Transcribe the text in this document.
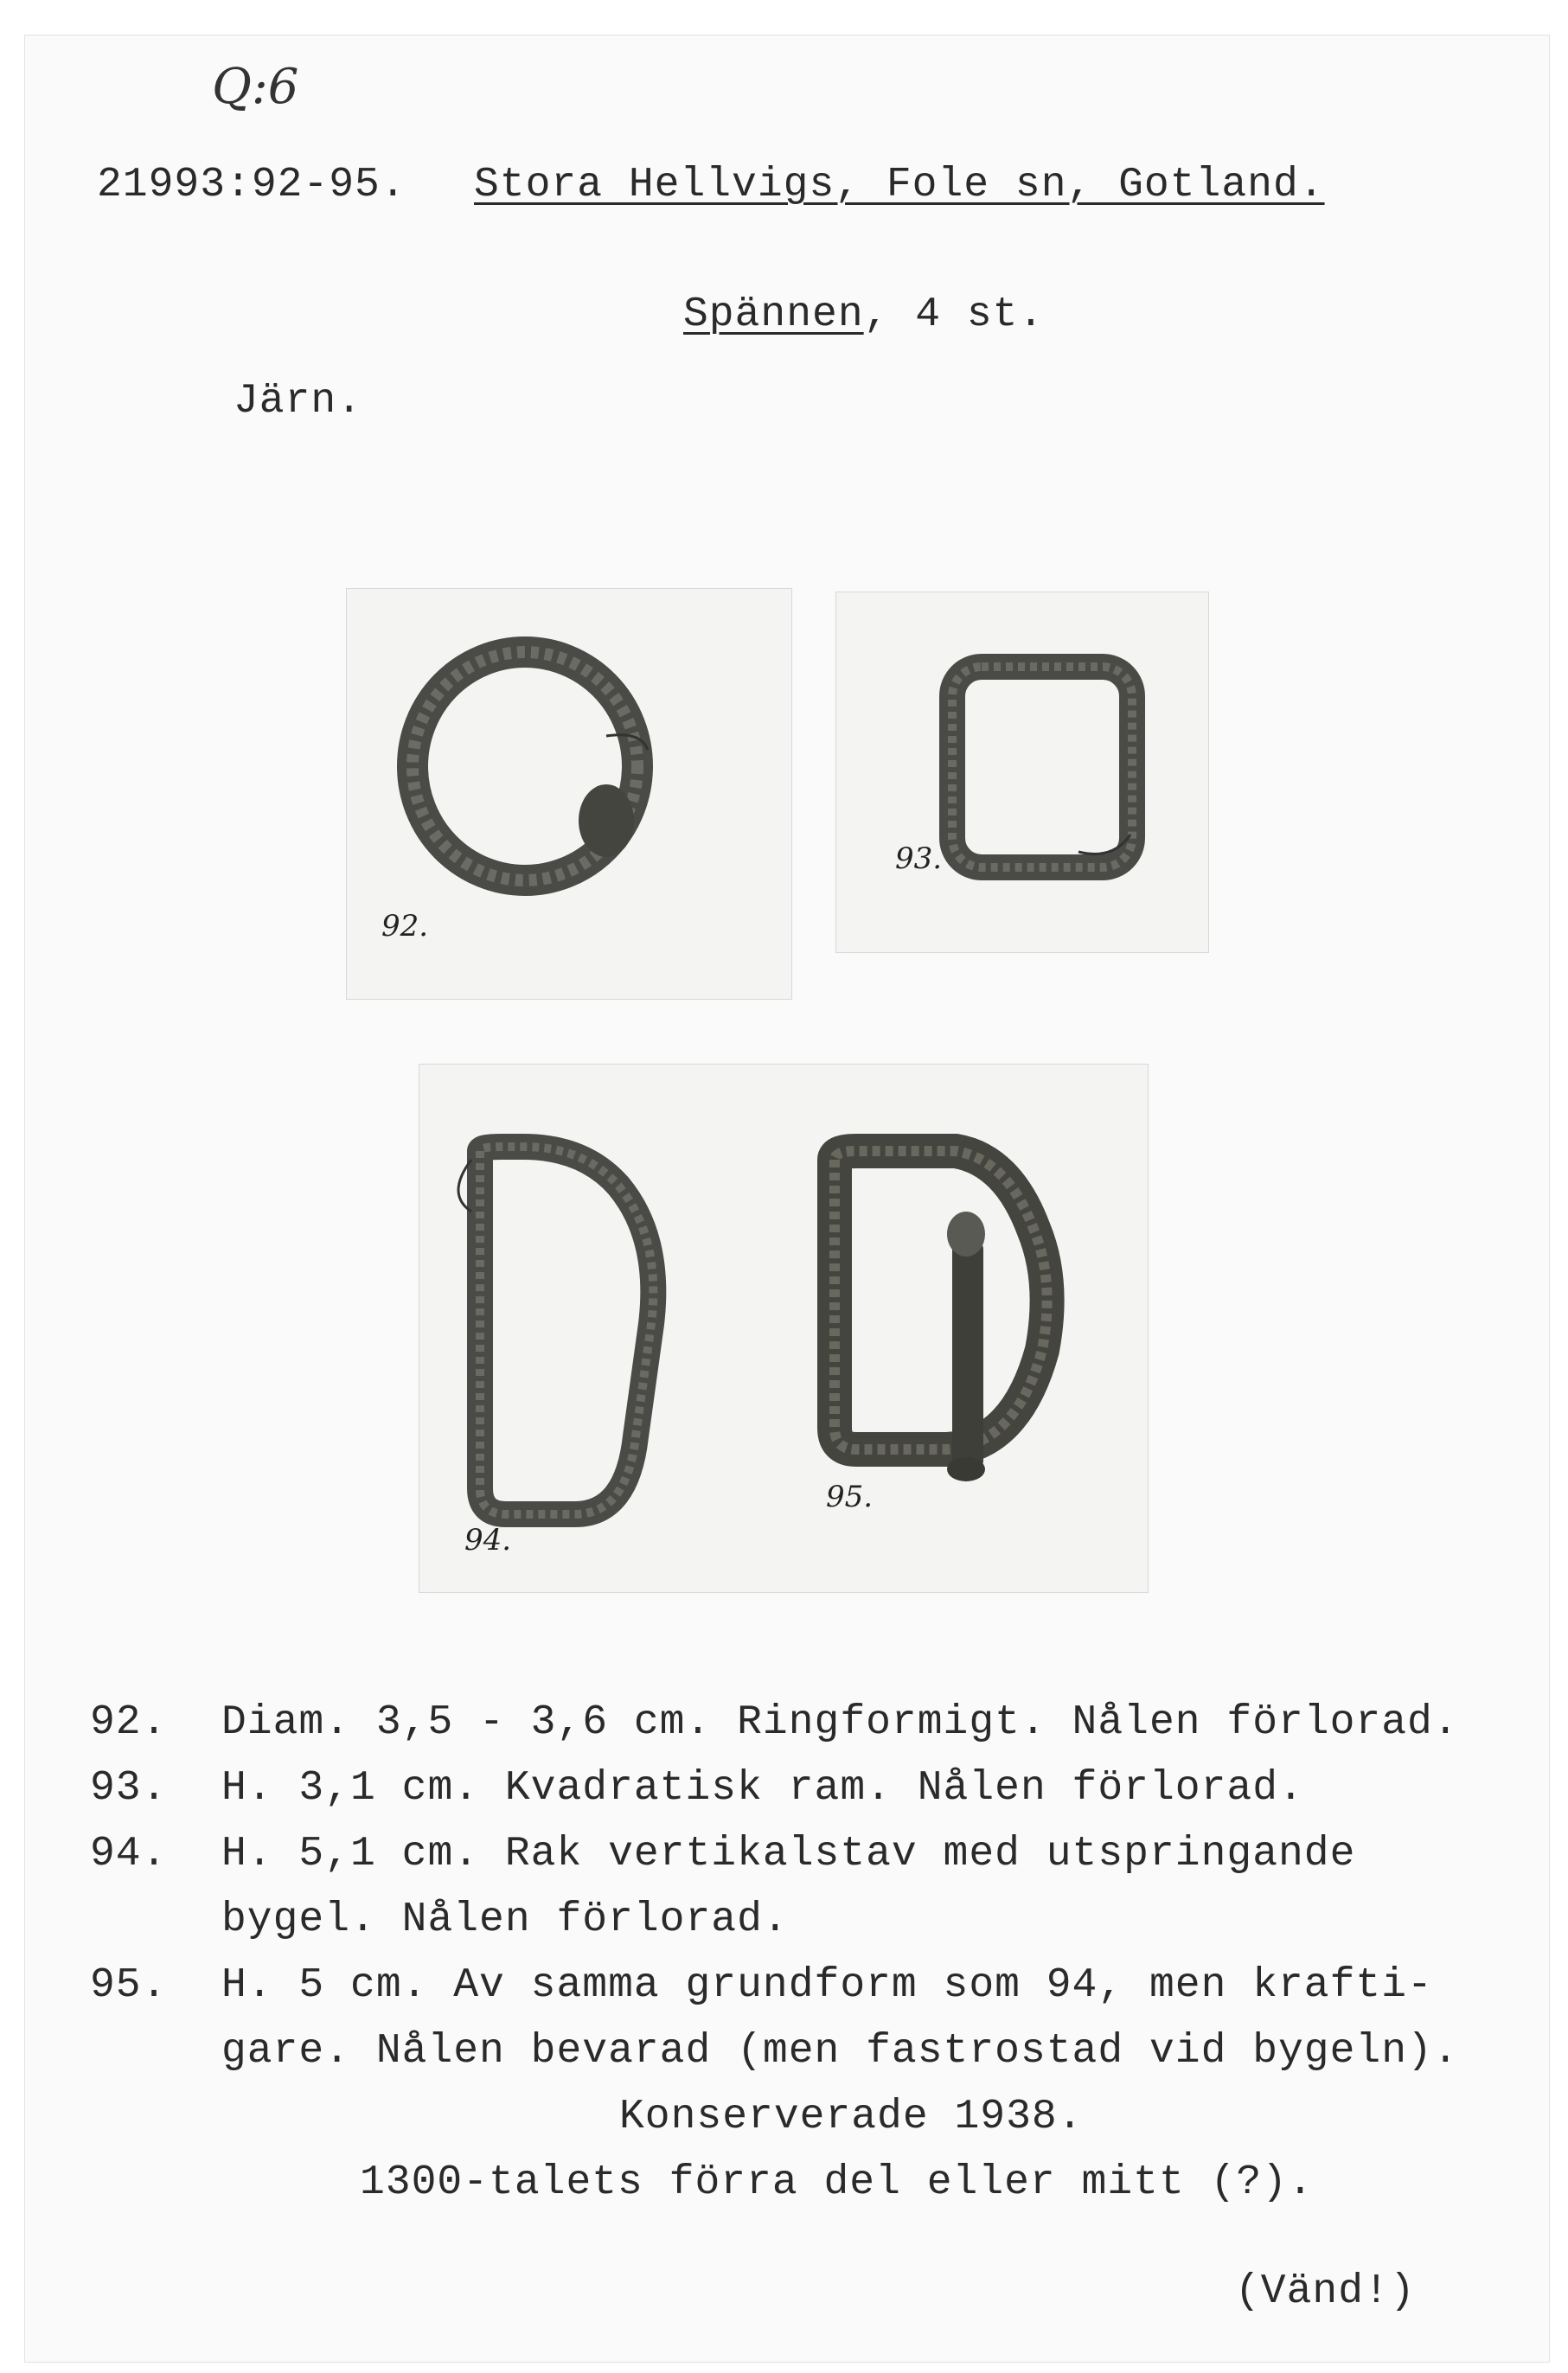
Q:6
21993:92-95. Stora Hellvigs, Fole sn, Gotland.
Spännen, 4 st.
Järn.
92.
93.
94.
95.
92. Diam. 3,5 - 3,6 cm. Ringformigt. Nålen förlorad.
93. H. 3,1 cm. Kvadratisk ram. Nålen förlorad.
94. H. 5,1 cm. Rak vertikalstav med utspringande
bygel. Nålen förlorad.
95. H. 5 cm. Av samma grundform som 94, men krafti-
gare. Nålen bevarad (men fastrostad vid bygeln).
Konserverade 1938.
1300-talets förra del eller mitt (?).
(Vänd!)
